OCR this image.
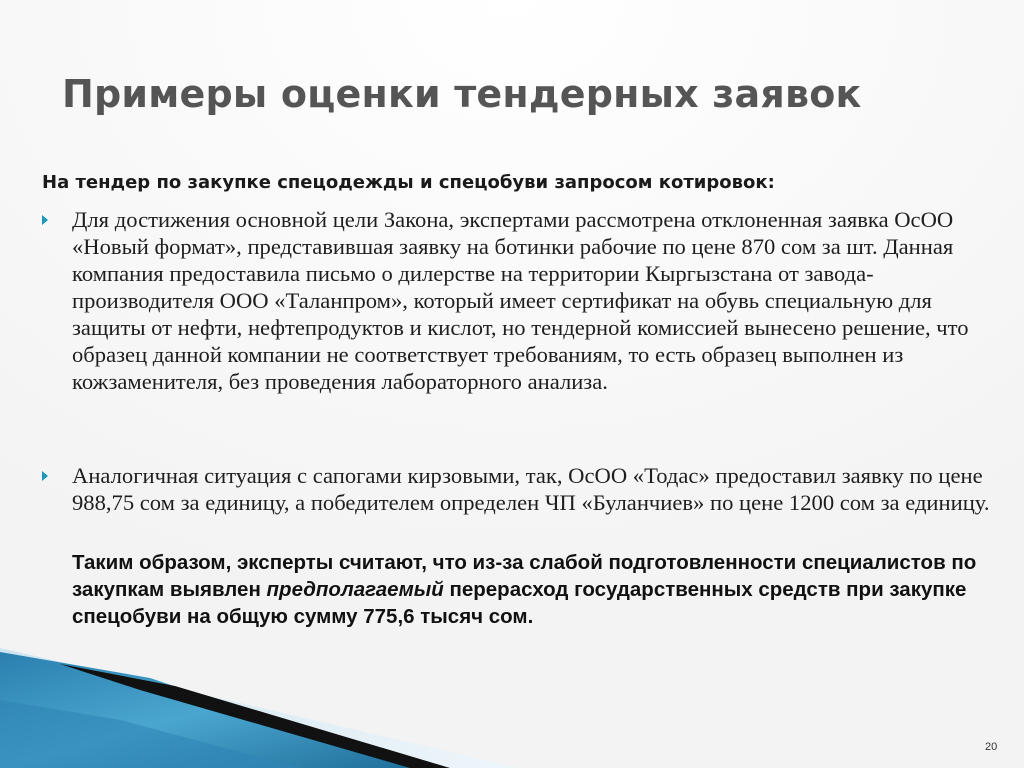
Примеры оценки тендерных заявок
На тендер по закупке спецодежды и спецобуви запросом котировок:
Для достижения основной цели Закона, экспертами рассмотрена отклоненная заявка ОсОО «Новый формат», представившая заявку на ботинки рабочие по цене 870 сом за шт. Данная компания предоставила письмо о дилерстве на территории Кыргызстана от завода-производителя ООО «Таланпром», который имеет сертификат на обувь специальную для защиты от нефти, нефтепродуктов и кислот, но тендерной комиссией вынесено решение, что образец данной компании не соответствует требованиям, то есть образец выполнен из кожзаменителя, без проведения лабораторного анализа.
Аналогичная ситуация с сапогами кирзовыми, так, ОсОО «Тодас» предоставил заявку по цене 988,75 сом за единицу, а победителем определен ЧП «Буланчиев» по цене 1200 сом за единицу.
Таким образом, эксперты считают, что из-за слабой подготовленности специалистов по закупкам выявлен предполагаемый перерасход государственных средств при закупке спецобуви на общую сумму 775,6 тысяч сом.
20
